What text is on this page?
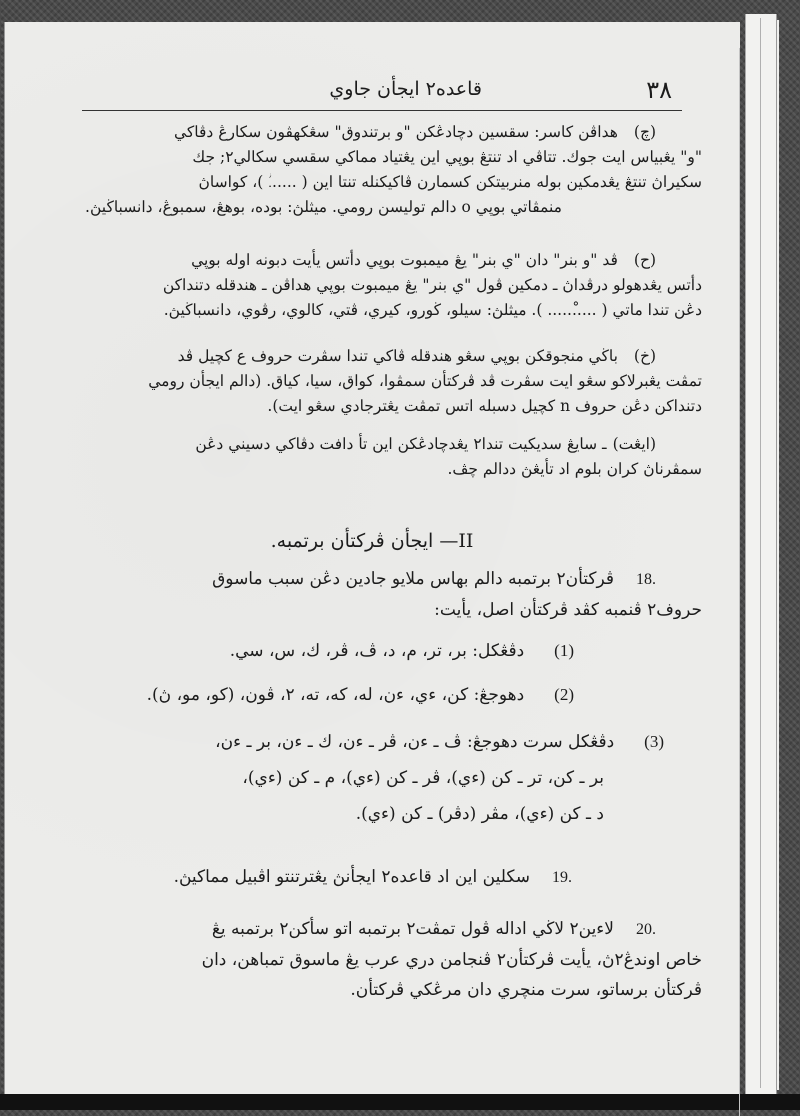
٣٨
قاعده٢ ايجأن جاوي
(چ)هداڤن كاسر: سقسين دچادڠكن "و برتندوق" سڠكهڤون سكارڠ دڤاكي
"و" يڠبياس ايت جوك. تتاڤي اد تنتڠ بوپي اين يڠتياد مماكي سقسي سكالي٢; جك
سكيراڽ تنتڠ يڠدمكين بوله منربيتكن كسمارن ڤاكيكنله تنتا اين ( ......ؗ )، كواساڽ
منمڤاتي بوپي o دالم توليسن رومي. ميثلڽ: بوده، بوهڠ، سمبوڠ، دانسباڬيڽ.
(ح)ڤد "و بنر" دان "ي بنر" يڠ ميمبوت بوپي دأتس يأيت دبونه اوله بوپي
دأتس يڠدهولو درڤداڽ ـ دمكين ڤول "ي بنر" يڠ ميمبوت بوپي هداڤن ـ هندقله دتنداكن
دڠن تندا ماتي ( .....ْ..... ). ميثلڽ: سيلو، ڬورو، كيري، ڤتي، كالوي، رڤوي، دانسباڬيڽ.
(خ)باڬي منجوقكن بوپي سڠو هندقله ڤاكي تندا سڤرت حروف ع كچيل ڤد
تمڤت يڠبرلاكو سڠو ايت سڤرت ڤد ڤركتأن سمڤوا، كواق، سيا، كياق. (دالم ايجأن رومي
دتنداكن دڠن حروف n كچيل دسبله اتس تمڤت يڠترجادي سڠو ايت).
(ايڠت)ـ سايڠ سديكيت تندا٢ يڠدچادڠكن اين تأ دافت دڤاكي دسيني دڠن
سمڤرناڽ كران بلوم اد تأيڠڽ ددالم چڤ.
II— ايجأن ڤركتأن برتمبه.
18.ڤركتأن٢ برتمبه دالم بهاس ملايو جادين دڠن سبب ماسوق
حروف٢ ڤنمبه كڤد ڤركتأن اصل، يأيت:
(1)دڤڠكل: بر، تر، م، د، ڤ، ڤر، ك، س، سي.
(2)دهوجڠ: كن، ءي، ءن، له، كه، ته، ٢، ڤون، (كو، مو، ڽ).
(3)دڤڠكل سرت دهوجڠ: ڤ ـ ءن، ڤر ـ ءن، ك ـ ءن، بر ـ ءن،
بر ـ كن، تر ـ كن (ءي)، ڤر ـ كن (ءي)، م ـ كن (ءي)،
د ـ كن (ءي)، مڤر (دڤر) ـ كن (ءي).
19.سكلين اين اد قاعده٢ ايجأنڽ يڠترتنتو اڤبيل مماكيڽ.
20.لاءين٢ لاڬي اداله ڤول تمڤت٢ برتمبه اتو سأكن٢ برتمبه يڠ
خاص اوندڠ٢ڽ، يأيت ڤركتأن٢ ڤنجامن دري عرب يڠ ماسوق تمباهن، دان
ڤركتأن برساتو، سرت منچري دان مرڠكي ڤركتأن.
